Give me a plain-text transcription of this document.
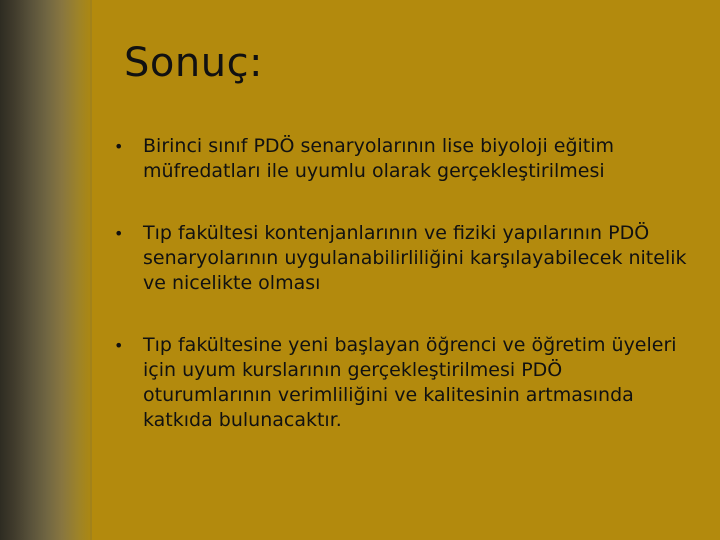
Sonuç:
• Birinci sınıf PDÖ senaryolarının lise biyoloji eğitim müfredatları ile uyumlu olarak gerçekleştirilmesi
• Tıp fakültesi kontenjanlarının ve fiziki yapılarının PDÖ senaryolarının uygulanabilirliliğini karşılayabilecek nitelik ve nicelikte olması
• Tıp fakültesine yeni başlayan öğrenci ve öğretim üyeleri için uyum kurslarının gerçekleştirilmesi PDÖ oturumlarının verimliliğini ve kalitesinin artmasında katkıda bulunacaktır.
